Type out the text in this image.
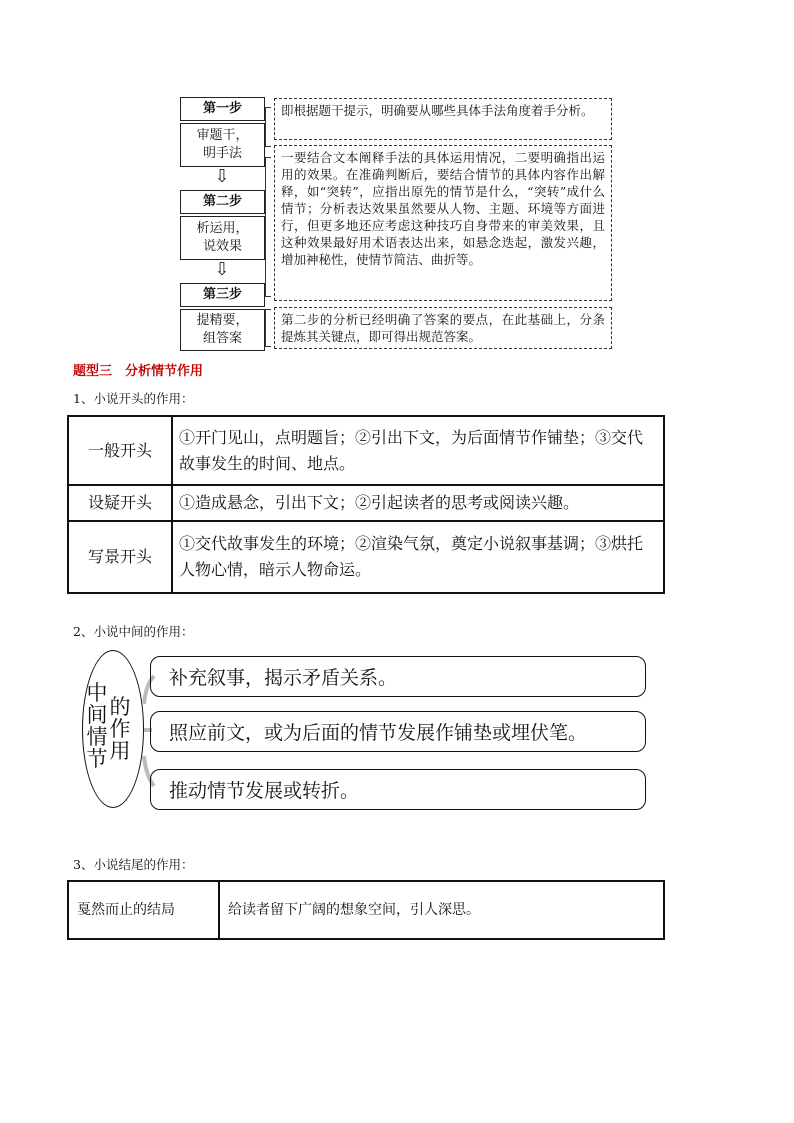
第一步
审题干，明手法
⇩
第二步
析运用，说效果
⇩
第三步
提精要，组答案
即根据题干提示，明确要从哪些具体手法角度着手分析。
一要结合文本阐释手法的具体运用情况，二要明确指出运用的效果。在准确判断后，要结合情节的具体内容作出解释，如“突转”，应指出原先的情节是什么，“突转”成什么情节；分析表达效果虽然要从人物、主题、环境等方面进行，但更多地还应考虑这种技巧自身带来的审美效果，且这种效果最好用术语表达出来，如悬念迭起，激发兴趣，增加神秘性，使情节简洁、曲折等。
第二步的分析已经明确了答案的要点，在此基础上，分条提炼其关键点，即可得出规范答案。
题型三　分析情节作用
1、小说开头的作用：
一般开头	①开门见山，点明题旨；②引出下文，为后面情节作铺垫；③交代故事发生的时间、地点。
设疑开头	①造成悬念，引出下文；②引起读者的思考或阅读兴趣。
写景开头	①交代故事发生的环境；②渲染气氛，奠定小说叙事基调；③烘托人物心情，暗示人物命运。
2、小说中间的作用：
中间情节
的作用
补充叙事，揭示矛盾关系。
照应前文，或为后面的情节发展作铺垫或埋伏笔。
推动情节发展或转折。
3、小说结尾的作用：
戛然而止的结局	给读者留下广阔的想象空间，引人深思。
